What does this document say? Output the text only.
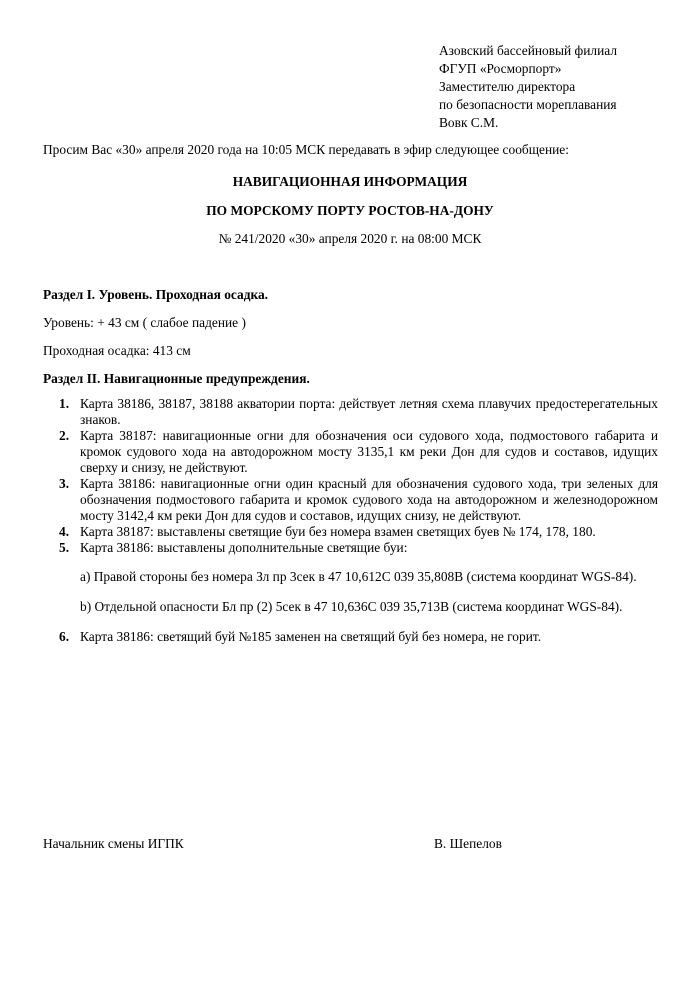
Азовский бассейновый филиал
ФГУП «Росморпорт»
Заместителю директора
по безопасности мореплавания
Вовк С.М.
Просим Вас «30» апреля 2020 года на 10:05 МСК передавать в эфир следующее сообщение:
НАВИГАЦИОННАЯ ИНФОРМАЦИЯ
ПО МОРСКОМУ ПОРТУ РОСТОВ-НА-ДОНУ
№ 241/2020 «30» апреля 2020 г. на 08:00 МСК
Раздел I. Уровень. Проходная осадка.
Уровень: + 43 см ( слабое падение )
Проходная осадка: 413 см
Раздел II. Навигационные предупреждения.
1. Карта 38186, 38187, 38188 акватории порта: действует летняя схема плавучих предостерегательных знаков.
2. Карта 38187: навигационные огни для обозначения оси судового хода, подмостового габарита и кромок судового хода на автодорожном мосту 3135,1 км реки Дон для судов и составов, идущих сверху и снизу, не действуют.
3. Карта 38186: навигационные огни один красный для обозначения судового хода, три зеленых для обозначения подмостового габарита и кромок судового хода на автодорожном и железнодорожном мосту 3142,4 км реки Дон для судов и составов, идущих снизу, не действуют.
4. Карта 38187: выставлены светящие буи без номера взамен светящих буев № 174, 178, 180.
5. Карта 38186: выставлены дополнительные светящие буи:
a) Правой стороны без номера Зл пр 3сек в 47 10,612С 039 35,808В (система координат WGS-84).
b) Отдельной опасности Бл пр (2) 5сек в 47 10,636С 039 35,713В (система координат WGS-84).
6. Карта 38186: светящий буй №185 заменен на светящий буй без номера, не горит.
Начальник смены ИГПК	В. Шепелов
